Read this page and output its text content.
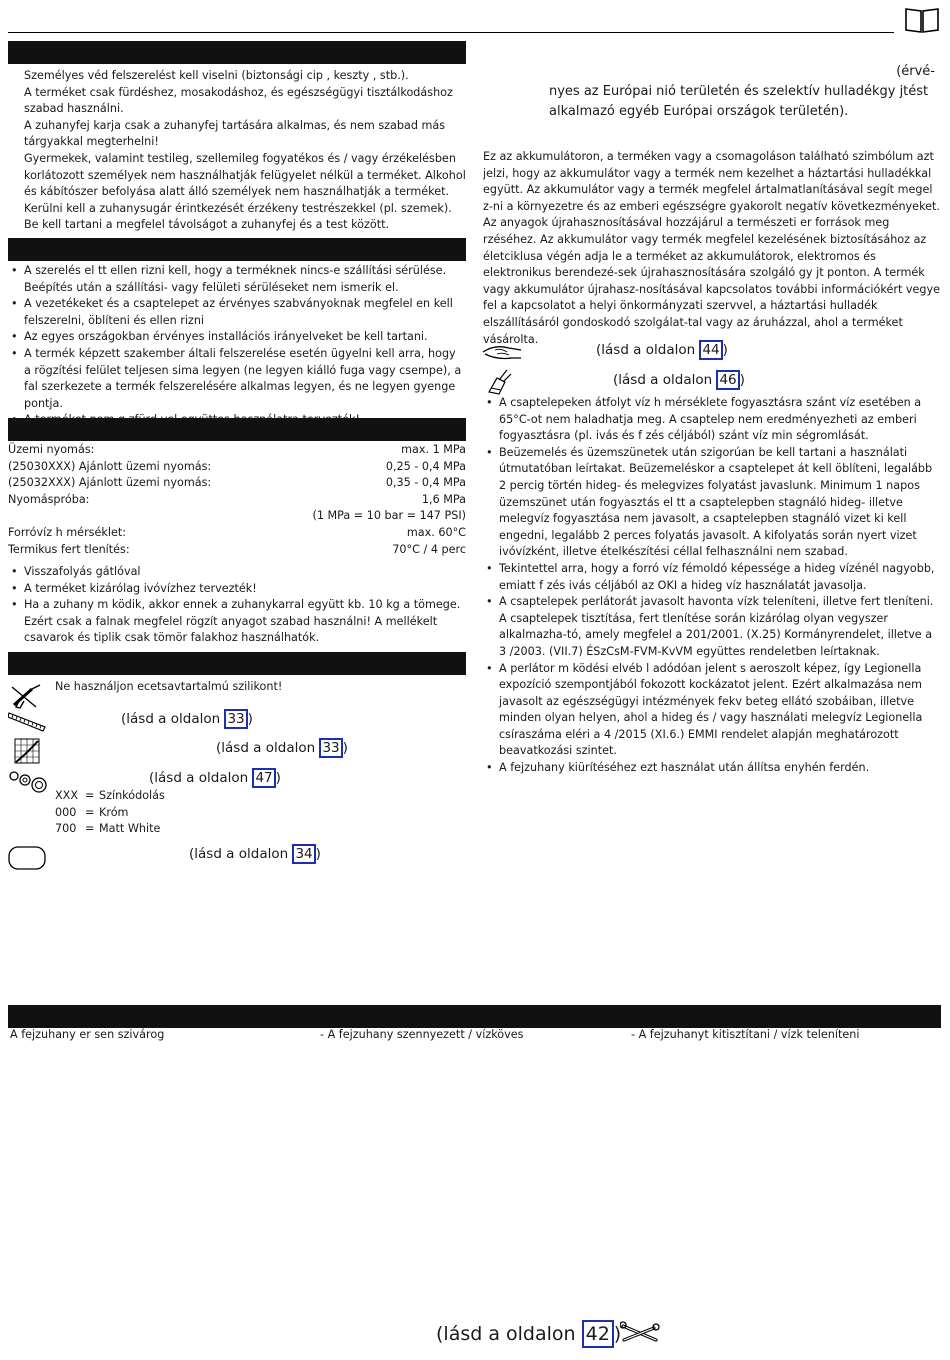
Személyes véd felszerelést kell viselni (biztonsági cip , keszty , stb.).

A terméket csak fürdéshez, mosakodáshoz, és egészségügyi tisztálkodáshoz szabad használni.

A zuhanyfej karja csak a zuhanyfej tartására alkalmas, és nem szabad más tárgyakkal megterhelni!

Gyermekek, valamint testileg, szellemileg fogyatékos és / vagy érzékelésben korlátozott személyek nem használhatják felügyelet nélkül a terméket. Alkohol és kábítószer befolyása alatt álló személyek nem használhatják a terméket.

Kerülni kell a zuhanysugár érintkezését érzékeny testrészekkel (pl. szemek). Be kell tartani a megfelel távolságot a zuhanyfej és a test között.

• A szerelés el tt ellen rizni kell, hogy a terméknek nincs-e szállítási sérülése. Beépítés után a szállítási- vagy felületi sérüléseket nem ismerik el.
• A vezetékeket és a csaptelepet az érvényes szabványoknak megfelel en kell felszerelni, öblíteni és ellen rizni
• Az egyes országokban érvényes installációs irányelveket be kell tartani.
• A termék képzett szakember általi felszerelése esetén ügyelni kell arra, hogy a rögzítési felület teljesen sima legyen (ne legyen kiálló fuga vagy csempe), a fal szerkezete a termék felszerelésére alkalmas legyen, és ne legyen gyenge pontja.
•
Üzemi nyomás:	max. 1 MPa
(25030XXX) Ajánlott üzemi nyomás:	0,25 - 0,4 MPa
(25032XXX) Ajánlott üzemi nyomás:	0,35 - 0,4 MPa
Nyomáspróba:	1,6 MPa
(1 MPa = 10 bar = 147 PSI)
Forróvíz h mérséklet:	max. 60°C
Termikus fert tlenítés:	70°C / 4 perc
• Visszafolyás gátlóval
• A terméket kizárólag ivóvízhez tervezték!
• Ha a zuhany m ködik, akkor ennek a zuhanykarral együtt kb. 10 kg a tömege. Ezért csak a falnak megfelel rögzít anyagot szabad használni! A mellékelt csavarok és tiplik csak tömör falakhoz használhatók.
Ne használjon ecetsavtartalmú szilikont!
(lásd a oldalon 33 )
(lásd a oldalon 33 )
(lásd a oldalon 47 )
XXX = Színkódolás
000 = Króm
700 = Matt White
(lásd a oldalon 34 )
(érvé-
nyes az Európai nió területén és szelektív hulladékgy jtést
alkalmazó egyéb Európai országok területén).
Ez az akkumulátoron, a terméken vagy a csomagoláson található szimbólum azt jelzi, hogy az akkumulátor vagy a termék nem kezelhet a háztartási hulladékkal együtt. Az akkumulátor vagy a termék megfelel ártalmatlanításával segít megel z-ni a környezetre és az emberi egészségre gyakorolt negatív következményeket. Az anyagok újrahasznosításával hozzájárul a természeti er források meg rzéséhez. Az akkumulátor vagy termék megfelel kezelésének biztosításához az életciklusa végén adja le a terméket az akkumulátorok, elektromos és elektronikus berendezé-sek újrahasznosítására szolgáló gy jt ponton. A termék vagy akkumulátor újrahasz-nosításával kapcsolatos további információkért vegye fel a kapcsolatot a helyi önkormányzati szervvel, a háztartási hulladék elszállításáról gondoskodó szolgálat-tal vagy az áruházzal, ahol a terméket vásárolta.
(lásd a oldalon 44 )
(lásd a oldalon 46 )
• A csaptelepeken átfolyt víz h mérséklete fogyasztásra szánt víz esetében a 65°C-ot nem haladhatja meg. A csaptelep nem eredményezheti az emberi fogyasztásra (pl. ivás és f zés céljából) szánt víz min ségromlását.
• Beüzemelés és üzemszünetek után szigorúan be kell tartani a használati útmutatóban leírtakat. Beüzemeléskor a csaptelepet át kell öblíteni, legalább 2 percig történ hideg- és melegvizes folyatást javaslunk. Minimum 1 napos üzemszünet után fogyasztás el tt a csaptelepben stagnáló hideg- illetve melegvíz fogyasztása nem javasolt, a csaptelepben stagnáló vizet ki kell engedni, legalább 2 perces folyatás javasolt. A kifolyatás során nyert vizet ivóvízként, illetve ételkészítési céllal felhasználni nem szabad.
• Tekintettel arra, hogy a forró víz fémoldó képessége a hideg vízénél nagyobb, emiatt f zés ivás céljából az OKI a hideg víz használatát javasolja.
• A csaptelepek perlátorát javasolt havonta vízk teleníteni, illetve fert tleníteni. A csaptelepek tisztítása, fert tlenítése során kizárólag olyan vegyszer alkalmazha-tó, amely megfelel a 201/2001. (X.25) Kormányrendelet, illetve a 3 /2003. (VII.7) ÉSzCsM-FVM-KvVM együttes rendeletben leírtaknak.
• A perlátor m ködési elvéb l adódóan jelent s aeroszolt képez, így Legionella expozíció szempontjából fokozott kockázatot jelent. Ezért alkalmazása nem javasolt az egészségügyi intézmények fekv beteg ellátó szobáiban, illetve minden olyan helyen, ahol a hideg és / vagy használati melegvíz Legionella csíraszáma eléri a 4 /2015 (XI.6.) EMMI rendelet alapján meghatározott beavatkozási szintet.
• A fejzuhany kiürítéséhez ezt használat után állítsa enyhén ferdén.
A fejzuhany er sen szivárog	- A fejzuhany szennyezett / vízköves	- A fejzuhanyt kitisztítani / vízk teleníteni
(lásd a oldalon 42 )
